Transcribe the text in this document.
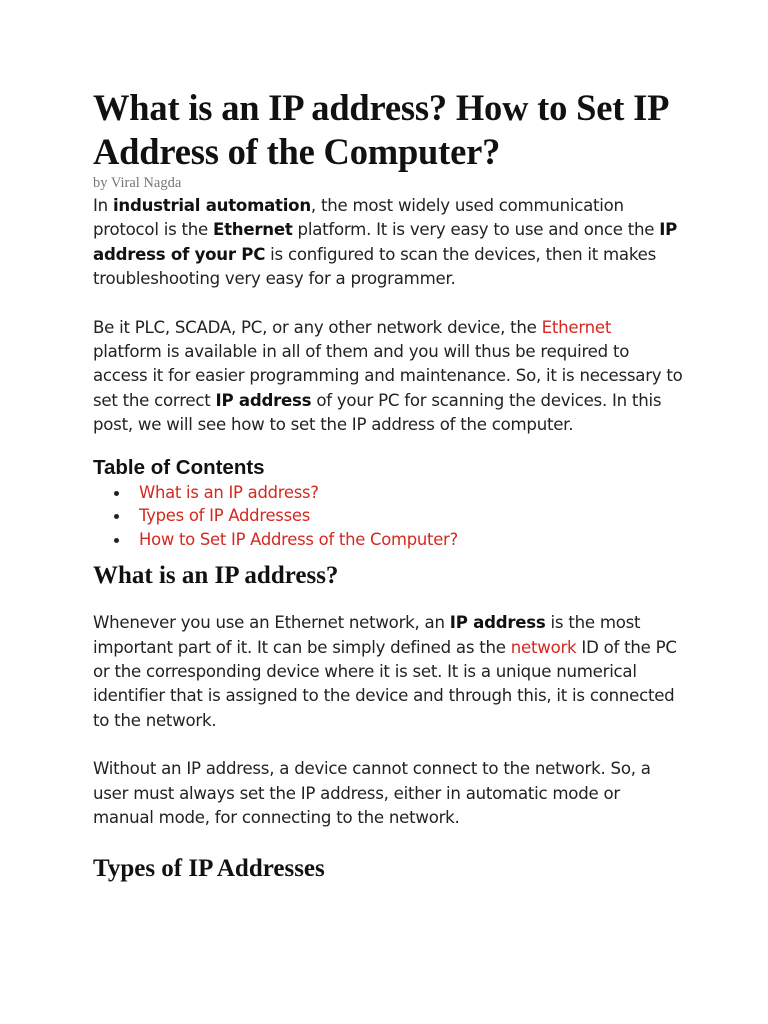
What is an IP address? How to Set IP Address of the Computer?

by Viral Nagda

In industrial automation, the most widely used communication protocol is the Ethernet platform. It is very easy to use and once the IP address of your PC is configured to scan the devices, then it makes troubleshooting very easy for a programmer.

Be it PLC, SCADA, PC, or any other network device, the Ethernet platform is available in all of them and you will thus be required to access it for easier programming and maintenance. So, it is necessary to set the correct IP address of your PC for scanning the devices. In this post, we will see how to set the IP address of the computer.

Table of Contents
What is an IP address?
Types of IP Addresses
How to Set IP Address of the Computer?
What is an IP address?

Whenever you use an Ethernet network, an IP address is the most important part of it. It can be simply defined as the network ID of the PC or the corresponding device where it is set. It is a unique numerical identifier that is assigned to the device and through this, it is connected to the network.

Without an IP address, a device cannot connect to the network. So, a user must always set the IP address, either in automatic mode or manual mode, for connecting to the network.

Types of IP Addresses
